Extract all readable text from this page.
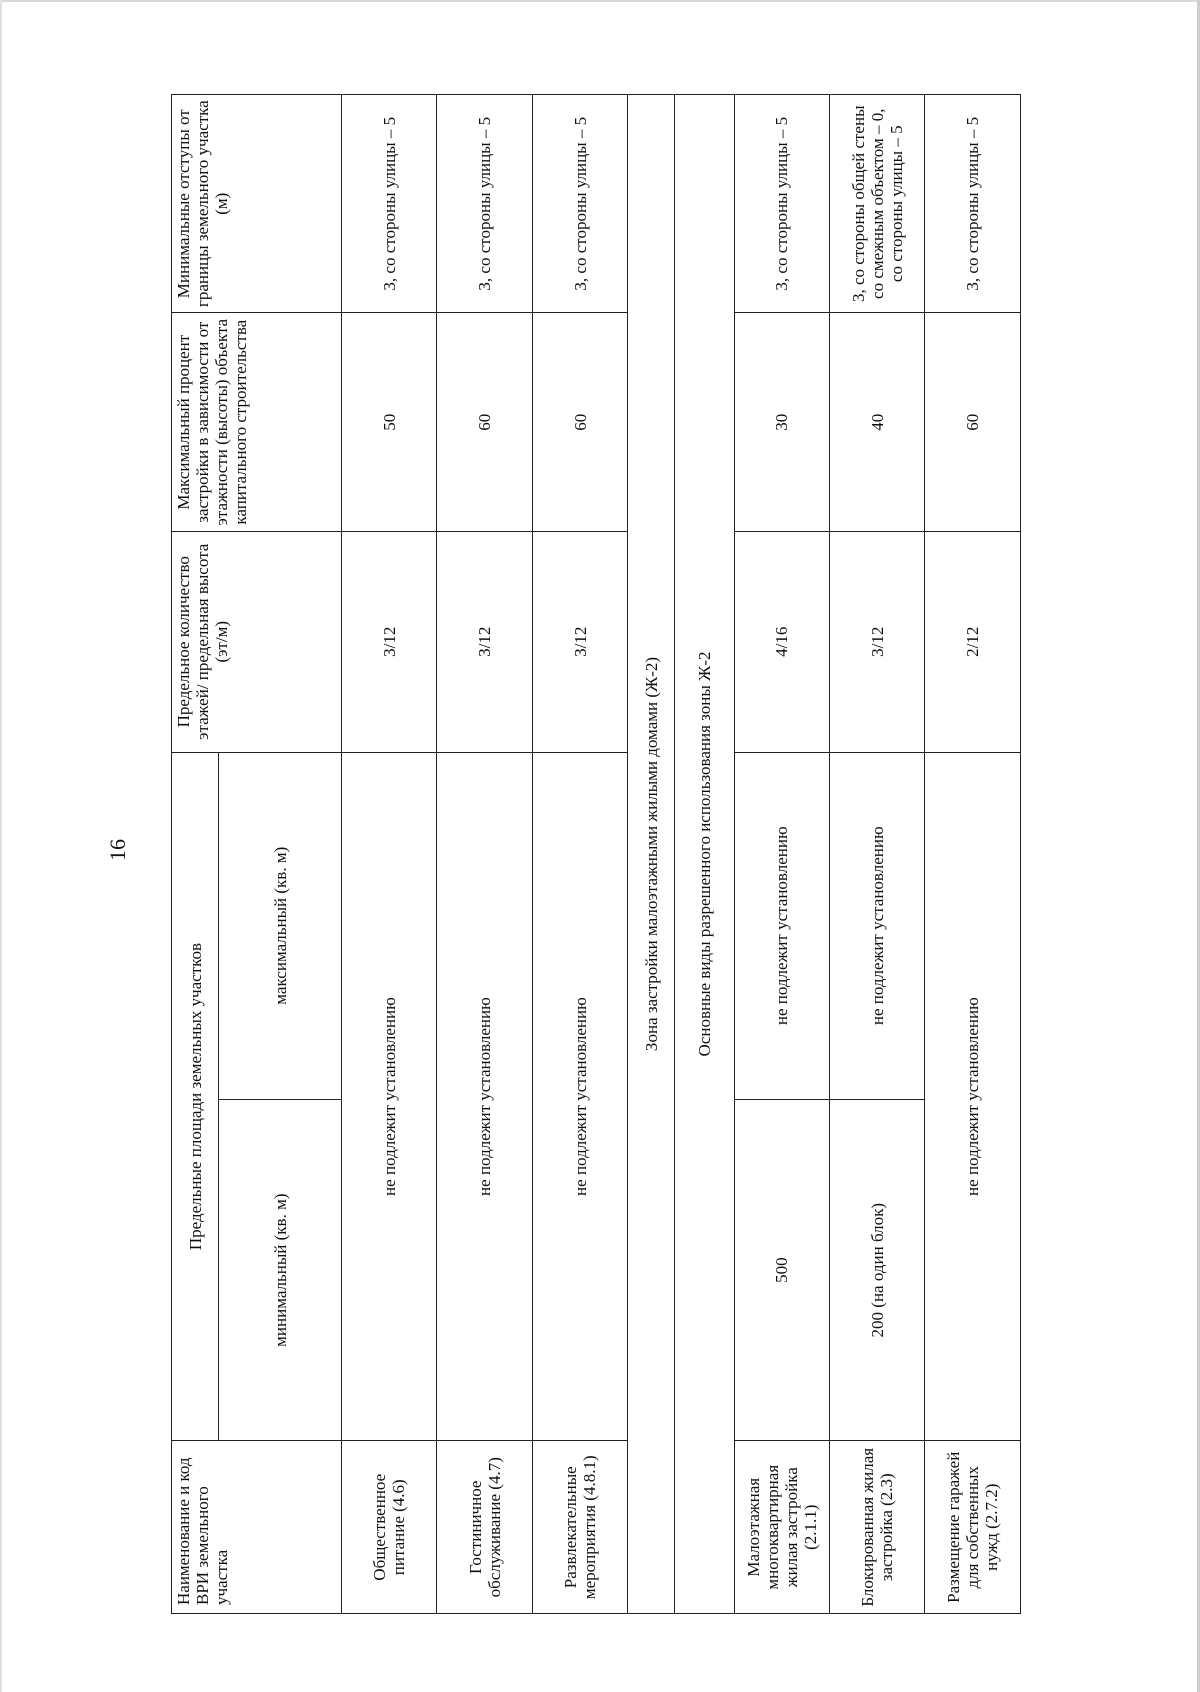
16
Наименование и код ВРИ земельного участка	Предельные площади земельных участков		Предельное количество этажей/ предельная высота (эт/м)	Максимальный процент застройки в зависимости от этажности (высоты) объекта капитального строительства	Минимальные отступы от границы земельного участка (м)
	минимальный (кв. м)	максимальный (кв. м)			
Общественное питание (4.6)	не подлежит установлению		3/12	50	3, со стороны улицы – 5
Гостиничное обслуживание (4.7)	не подлежит установлению		3/12	60	3, со стороны улицы – 5
Развлекательные мероприятия (4.8.1)	не подлежит установлению		3/12	60	3, со стороны улицы – 5
Зона застройки малоэтажными жилыми домами (Ж-2)					
Основные виды разрешенного использования зоны Ж-2					
Малоэтажная многоквартирная жилая застройка (2.1.1)	500	не подлежит установлению	4/16	30	3, со стороны улицы – 5
Блокированная жилая застройка (2.3)	200 (на один блок)	не подлежит установлению	3/12	40	3, со стороны общей стены со смежным объектом – 0, со стороны улицы – 5
Размещение гаражей для собственных нужд (2.7.2)	не подлежит установлению		2/12	60	3, со стороны улицы – 5
